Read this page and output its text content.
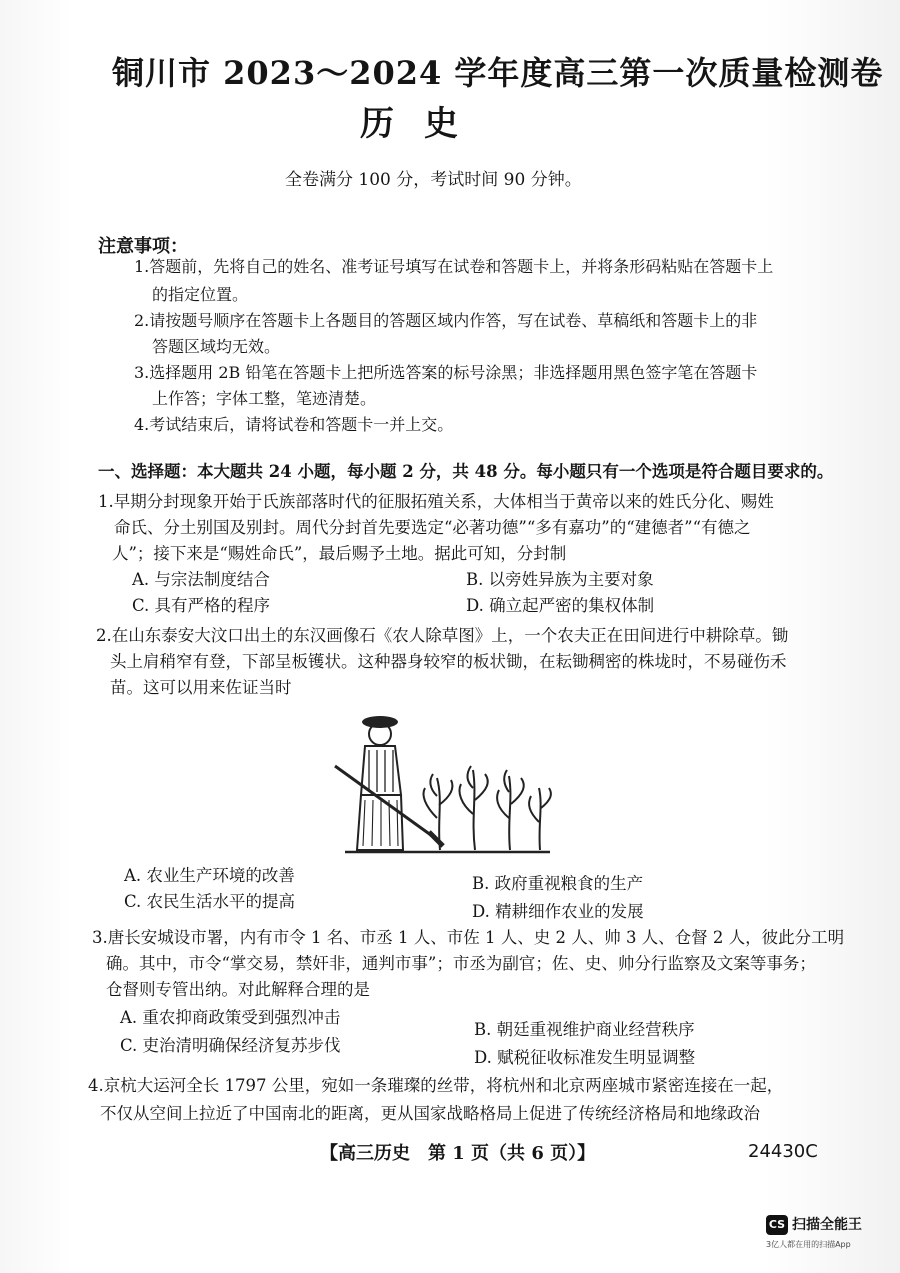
铜川市 2023～2024 学年度高三第一次质量检测卷
历史
全卷满分 100 分，考试时间 90 分钟。
注意事项：
1.答题前，先将自己的姓名、准考证号填写在试卷和答题卡上，并将条形码粘贴在答题卡上
的指定位置。
2.请按题号顺序在答题卡上各题目的答题区域内作答，写在试卷、草稿纸和答题卡上的非
答题区域均无效。
3.选择题用 2B 铅笔在答题卡上把所选答案的标号涂黑；非选择题用黑色签字笔在答题卡
上作答；字体工整，笔迹清楚。
4.考试结束后，请将试卷和答题卡一并上交。
一、选择题：本大题共 24 小题，每小题 2 分，共 48 分。每小题只有一个选项是符合题目要求的。
1.早期分封现象开始于氏族部落时代的征服拓殖关系，大体相当于黄帝以来的姓氏分化、赐姓
命氏、分土别国及别封。周代分封首先要选定“必著功德”“多有嘉功”的“建德者”“有德之
人”；接下来是“赐姓命氏”，最后赐予土地。据此可知，分封制
A. 与宗法制度结合	B. 以旁姓异族为主要对象
C. 具有严格的程序	D. 确立起严密的集权体制
2.在山东泰安大汶口出土的东汉画像石《农人除草图》上，一个农夫正在田间进行中耕除草。锄
头上肩稍窄有登，下部呈板镬状。这种器身较窄的板状锄，在耘锄稠密的株垅时，不易碰伤禾
苗。这可以用来佐证当时
A. 农业生产环境的改善	B. 政府重视粮食的生产
C. 农民生活水平的提高
D. 精耕细作农业的发展
3.唐长安城设市署，内有市令 1 名、市丞 1 人、市佐 1 人、史 2 人、帅 3 人、仓督 2 人，彼此分工明
确。其中，市令“掌交易，禁奸非，通判市事”；市丞为副官；佐、史、帅分行监察及文案等事务；
仓督则专管出纳。对此解释合理的是
A. 重农抑商政策受到强烈冲击
B. 朝廷重视维护商业经营秩序
C. 吏治清明确保经济复苏步伐
D. 赋税征收标准发生明显调整
4.京杭大运河全长 1797 公里，宛如一条璀璨的丝带，将杭州和北京两座城市紧密连接在一起，
不仅从空间上拉近了中国南北的距离，更从国家战略格局上促进了传统经济格局和地缘政治
【高三历史　第 1 页（共 6 页）】	24430C
CS 扫描全能王
3亿人都在用的扫描App
